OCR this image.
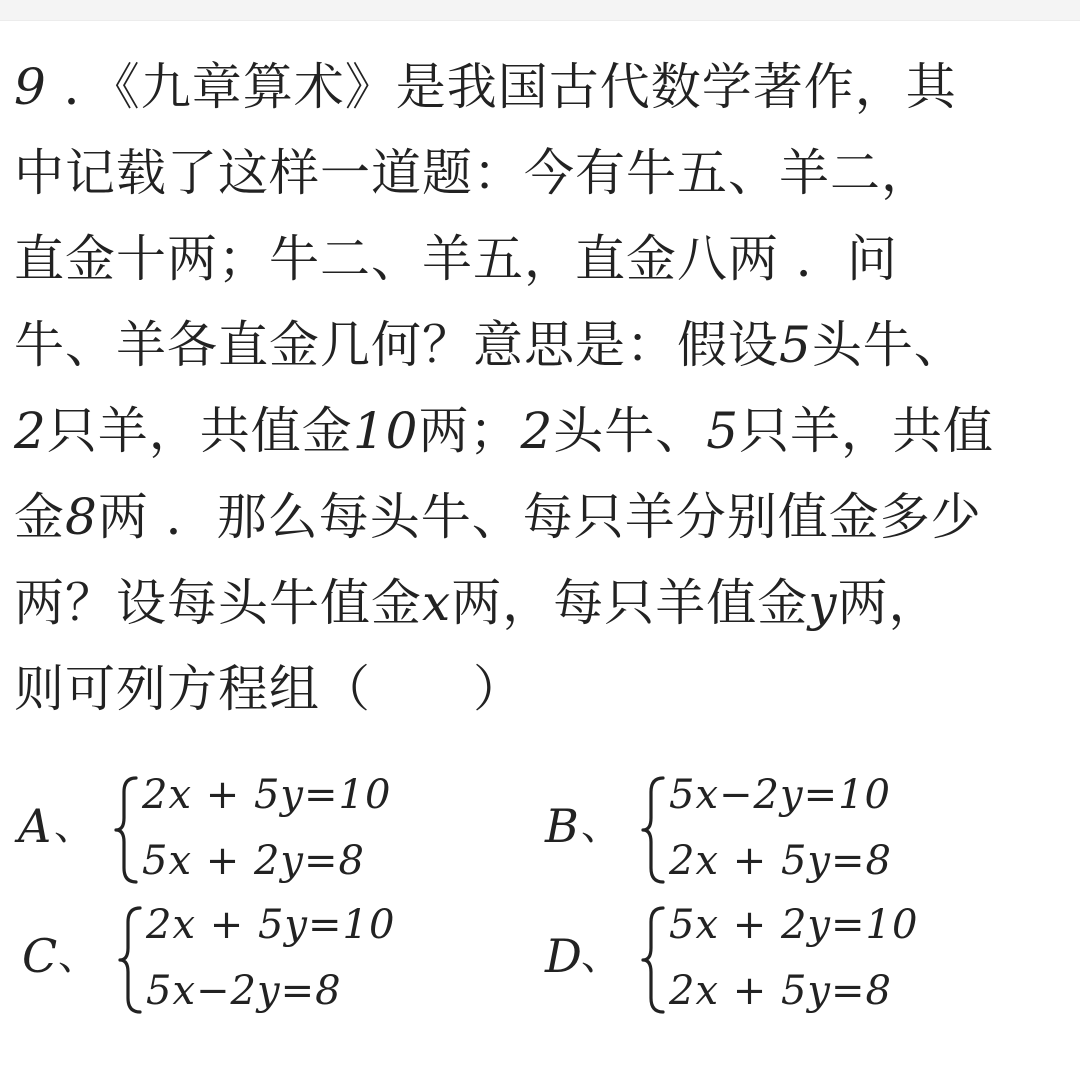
9 ．《九章算术》是我国古代数学著作，其
中记载了这样一道题：今有牛五、羊二，
直金十两；牛二、羊五，直金八两 ．问
牛、羊各直金几何？意思是：假设5头牛、
2只羊，共值金10两；2头牛、5只羊，共值
金8两 ．那么每头牛、每只羊分别值金多少
两？设每头牛值金x两，每只羊值金y两，
则可列方程组（　　）
A 、
2x + 5y=10
5x + 2y=8
B 、
5x−2y=10
2x + 5y=8
C 、
2x + 5y=10
5x−2y=8
D 、
5x + 2y=10
2x + 5y=8
